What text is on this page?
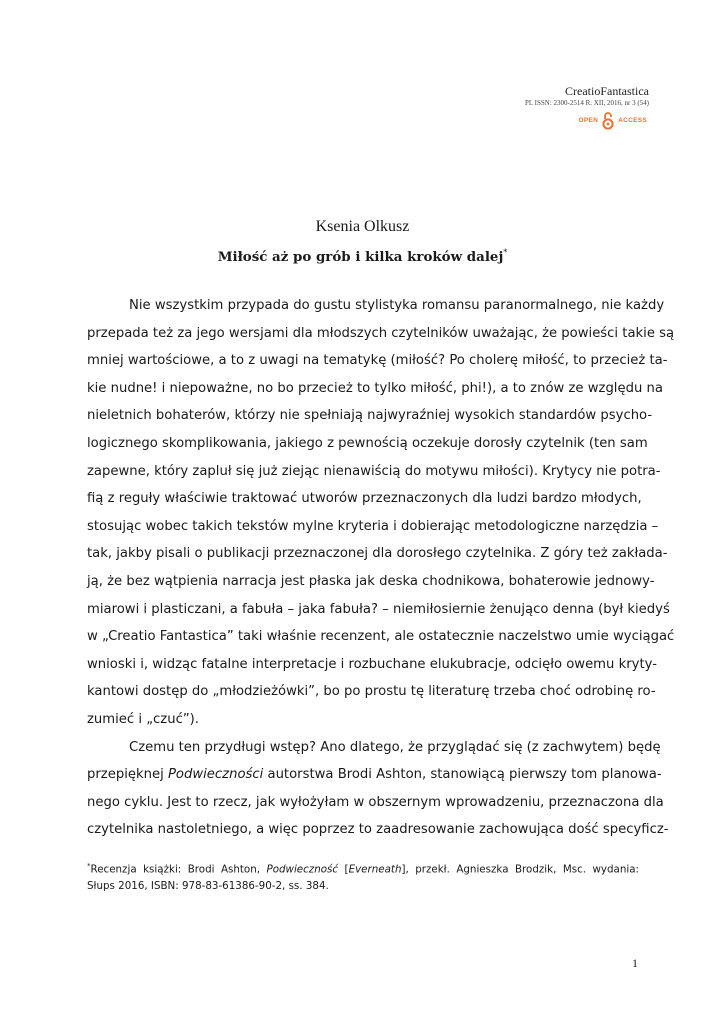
CreatioFantastica
PL ISSN: 2300-2514 R. XII, 2016, nr 3 (54)
OPEN	ACCESS
Ksenia Olkusz
Miłość aż po grób i kilka kroków dalej*
Nie wszystkim przypada do gustu stylistyka romansu paranormalnego, nie każdy
przepada też za jego wersjami dla młodszych czytelników uważając, że powieści takie są
mniej wartościowe, a to z uwagi na tematykę (miłość? Po cholerę miłość, to przecież ta-
kie nudne! i niepoważne, no bo przecież to tylko miłość, phi!), a to znów ze względu na
nieletnich bohaterów, którzy nie spełniają najwyraźniej wysokich standardów psycho-
logicznego skomplikowania, jakiego z pewnością oczekuje dorosły czytelnik (ten sam
zapewne, który zapluł się już ziejąc nienawiścią do motywu miłości). Krytycy nie potra-
fią z reguły właściwie traktować utworów przeznaczonych dla ludzi bardzo młodych,
stosując wobec takich tekstów mylne kryteria i dobierając metodologiczne narzędzia –
tak, jakby pisali o publikacji przeznaczonej dla dorosłego czytelnika. Z góry też zakłada-
ją, że bez wątpienia narracja jest płaska jak deska chodnikowa, bohaterowie jednowy-
miarowi i plasticzani, a fabuła – jaka fabuła? – niemiłosiernie żenująco denna (był kiedyś
w „Creatio Fantastica” taki właśnie recenzent, ale ostatecznie naczelstwo umie wyciągać
wnioski i, widząc fatalne interpretacje i rozbuchane elukubracje, odcięło owemu kryty-
kantowi dostęp do „młodzieżówki”, bo po prostu tę literaturę trzeba choć odrobinę ro-
zumieć i „czuć”).
Czemu ten przydługi wstęp? Ano dlatego, że przyglądać się (z zachwytem) będę
przepięknej Podwieczności autorstwa Brodi Ashton, stanowiącą pierwszy tom planowa-
nego cyklu. Jest to rzecz, jak wyłożyłam w obszernym wprowadzeniu, przeznaczona dla
czytelnika nastoletniego, a więc poprzez to zaadresowanie zachowująca dość specyficz-
*Recenzja książki: Brodi Ashton, Podwieczność [Everneath], przekł. Agnieszka Brodzik, Msc. wydania:
Słups 2016, ISBN: 978-83-61386-90-2, ss. 384.
1
